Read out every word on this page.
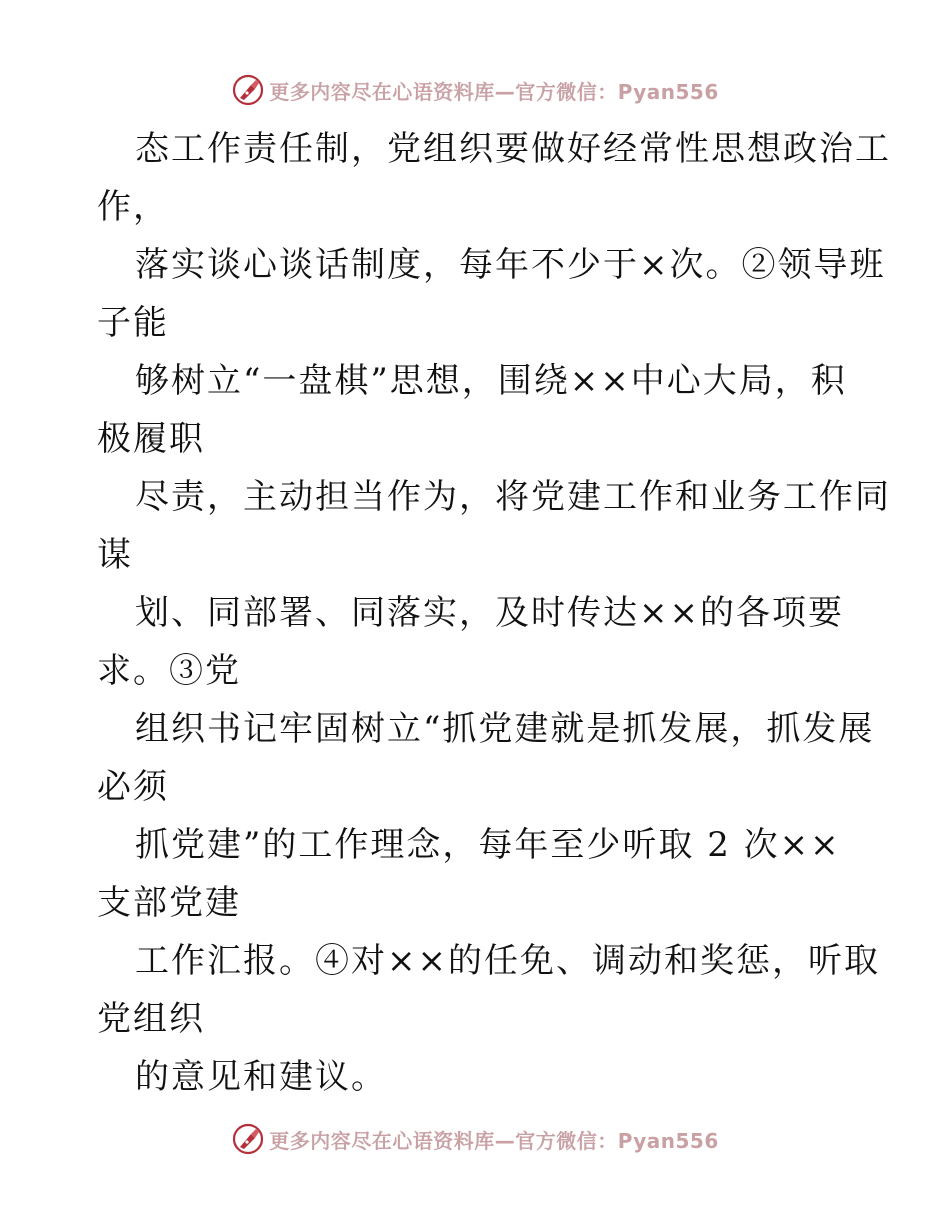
更多内容尽在心语资料库—官方微信：Pyan556
态工作责任制，党组织要做好经常性思想政治工
作，
落实谈心谈话制度，每年不少于×次。②领导班
子能
够树立“一盘棋”思想，围绕××中心大局，积
极履职
尽责，主动担当作为，将党建工作和业务工作同
谋
划、同部署、同落实，及时传达××的各项要
求。③党
组织书记牢固树立“抓党建就是抓发展，抓发展
必须
抓党建”的工作理念，每年至少听取 2 次××
支部党建
工作汇报。④对××的任免、调动和奖惩，听取
党组织
的意见和建议。
更多内容尽在心语资料库—官方微信：Pyan556
